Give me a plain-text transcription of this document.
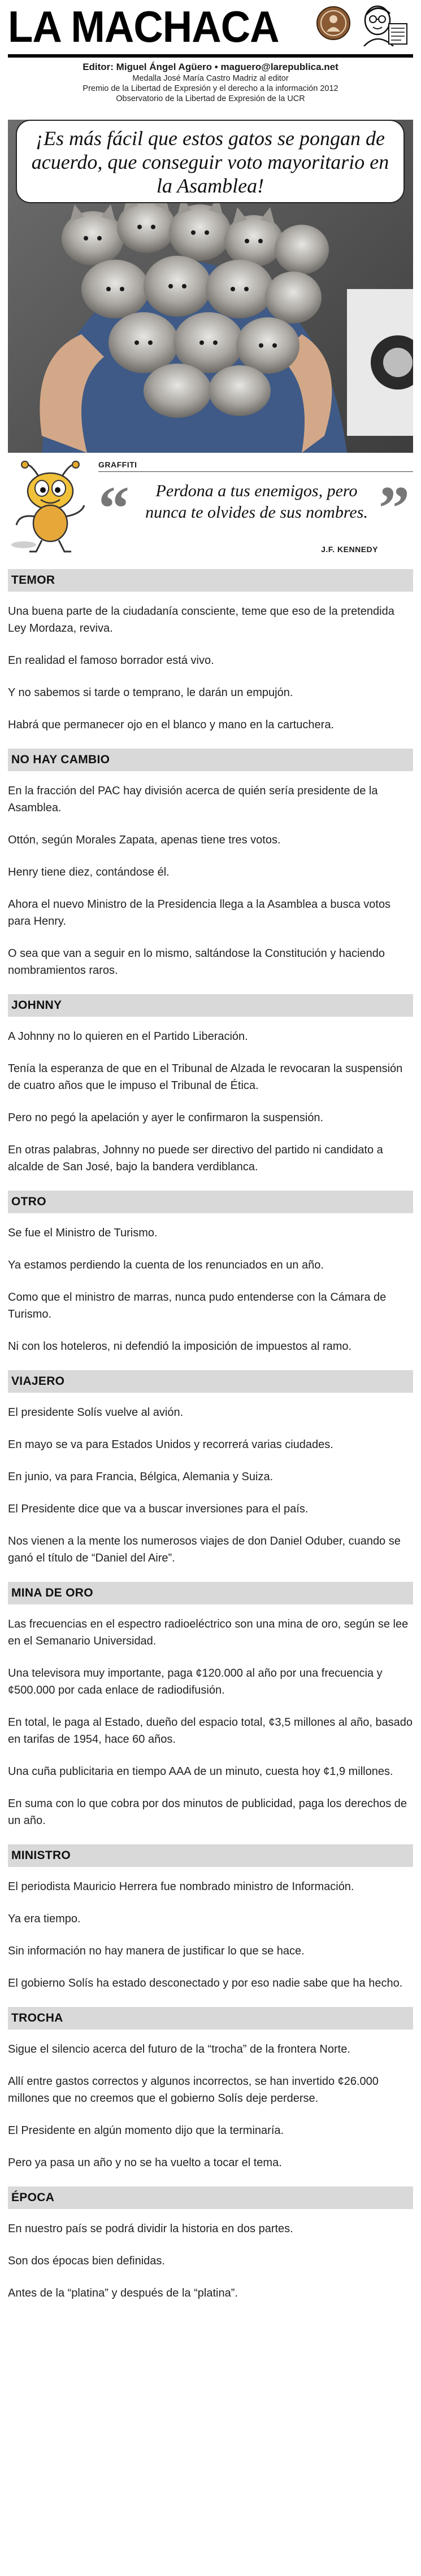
LA MACHACA
Editor: Miguel Ángel Agüero • maguero@larepublica.net
Medalla José María Castro Madriz al editor
Premio de la Libertad de Expresión y el derecho a la información 2012
Observatorio de la Libertad de Expresión de la UCR

¡Es más fácil que estos gatos se pongan de acuerdo, que conseguir voto mayoritario en la Asamblea!

GRAFFITI
“	Perdona a tus enemigos, pero nunca te olvides de sus nombres. ”
J.F. KENNEDY
TEMOR

Una buena parte de la ciudadanía consciente, teme que eso de la pretendida Ley Mordaza, reviva.

En realidad el famoso borrador está vivo.

Y no sabemos si tarde o temprano, le darán un empujón.

Habrá que permanecer ojo en el blanco y mano en la cartuchera.

NO HAY CAMBIO

En la fracción del PAC hay división acerca de quién sería presidente de la Asamblea.

Ottón, según Morales Zapata, apenas tiene tres votos.

Henry tiene diez, contándose él.

Ahora el nuevo Ministro de la Presidencia llega a la Asamblea a busca votos para Henry.

O sea que van a seguir en lo mismo, saltándose la Constitución y haciendo nombramientos raros.

JOHNNY

A Johnny no lo quieren en el Partido Liberación.

Tenía la esperanza de que en el Tribunal de Alzada le revocaran la suspensión de cuatro años que le impuso el Tribunal de Ética.

Pero no pegó la apelación y ayer le confirmaron la suspensión.

En otras palabras, Johnny no puede ser directivo del partido ni candidato a alcalde de San José, bajo la bandera verdiblanca.

OTRO

Se fue el Ministro de Turismo.

Ya estamos perdiendo la cuenta de los renunciados en un año.

Como que el ministro de marras, nunca pudo entenderse con la Cámara de Turismo.

Ni con los hoteleros, ni defendió la imposición de impuestos al ramo.

VIAJERO

El presidente Solís vuelve al avión.

En mayo se va para Estados Unidos y recorrerá varias ciudades.

En junio, va para Francia, Bélgica, Alemania y Suiza.

El Presidente dice que va a buscar inversiones para el país.

Nos vienen a la mente los numerosos viajes de don Daniel Oduber, cuando se ganó el título de “Daniel del Aire”.

MINA DE ORO

Las frecuencias en el espectro radioeléctrico son una mina de oro, según se lee en el Semanario Universidad.

Una televisora muy importante, paga ¢120.000 al año por una frecuencia y ¢500.000 por cada enlace de radiodifusión.

En total, le paga al Estado, dueño del espacio total, ¢3,5 millones al año, basado en tarifas de 1954, hace 60 años.

Una cuña publicitaria en tiempo AAA de un minuto, cuesta hoy ¢1,9 millones.

En suma con lo que cobra por dos minutos de publicidad, paga los derechos de un año.

MINISTRO

El periodista Mauricio Herrera fue nombrado ministro de Información.

Ya era tiempo.

Sin información no hay manera de justificar lo que se hace.

El gobierno Solís ha estado desconectado y por eso nadie sabe que ha hecho.

TROCHA

Sigue el silencio acerca del futuro de la “trocha” de la frontera Norte.

Allí entre gastos correctos y algunos incorrectos, se han invertido ¢26.000 millones que no creemos que el gobierno Solís deje perderse.

El Presidente en algún momento dijo que la terminaría.

Pero ya pasa un año y no se ha vuelto a tocar el tema.

ÉPOCA

En nuestro país se podrá dividir la historia en dos partes.

Son dos épocas bien definidas.

Antes de la “platina” y después de la “platina”.
